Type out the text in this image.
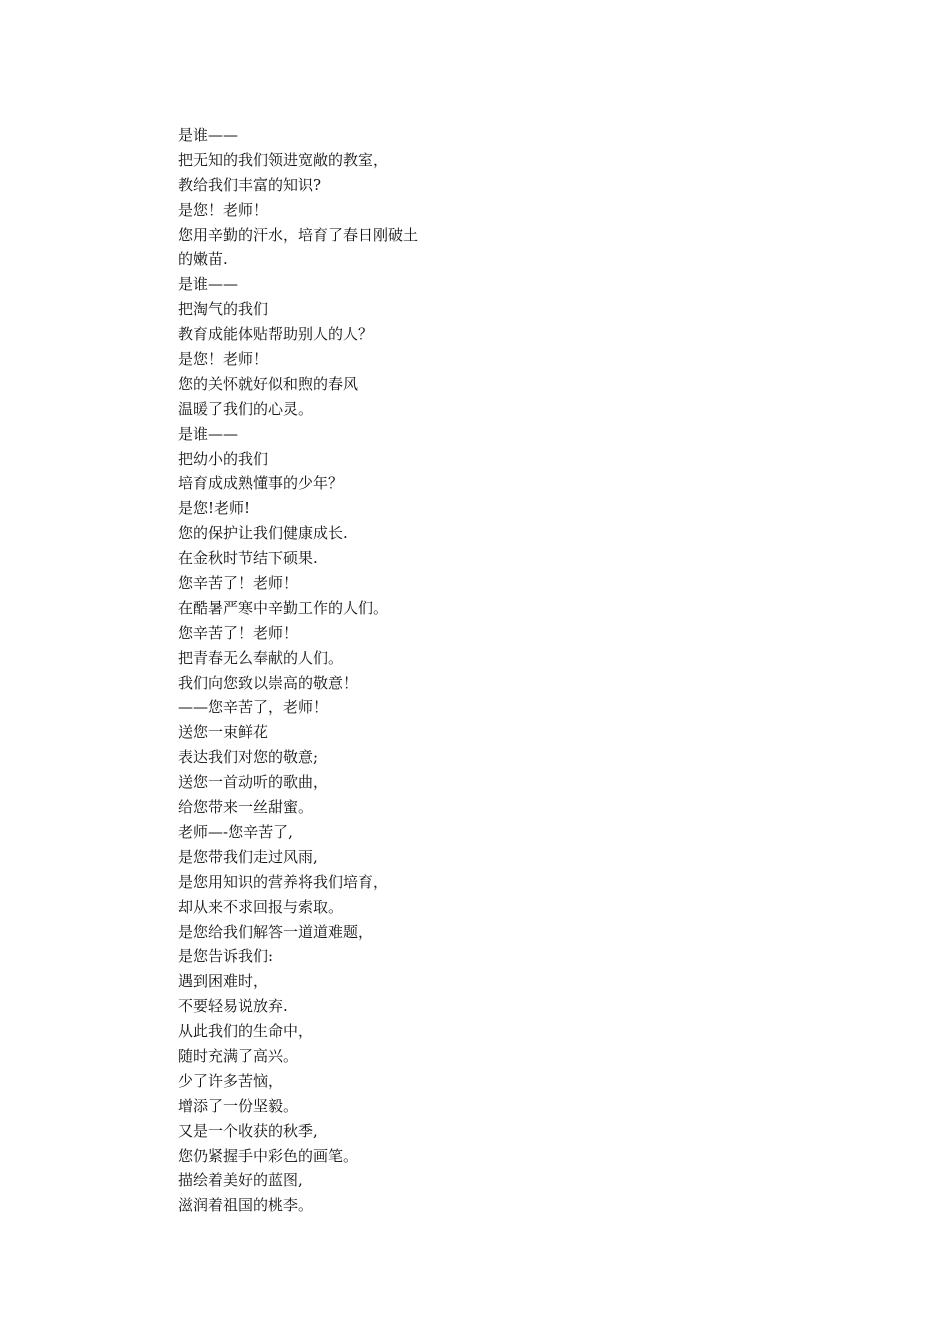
是谁——
把无知的我们领进宽敞的教室，
教给我们丰富的知识?
是您！老师！
您用辛勤的汗水，培育了春日刚破土
的嫩苗.
是谁——
把淘气的我们
教育成能体贴帮助别人的人？
是您！老师！
您的关怀就好似和煦的春风
温暖了我们的心灵。
是谁——
把幼小的我们
培育成成熟懂事的少年？
是您!老师!
您的保护让我们健康成长.
在金秋时节结下硕果.
您辛苦了！老师！
在酷暑严寒中辛勤工作的人们。
您辛苦了！老师！
把青春无么奉献的人们。
我们向您致以崇高的敬意！
——您辛苦了，老师！
送您一束鲜花
表达我们对您的敬意;
送您一首动听的歌曲，
给您带来一丝甜蜜。
老师—-您辛苦了,
是您带我们走过风雨,
是您用知识的营养将我们培育，
却从来不求回报与索取。
是您给我们解答一道道难题，
是您告诉我们:
遇到困难时，
不要轻易说放弃.
从此我们的生命中，
随时充满了高兴。
少了许多苦恼，
增添了一份坚毅。
又是一个收获的秋季,
您仍紧握手中彩色的画笔。
描绘着美好的蓝图,
滋润着祖国的桃李。
